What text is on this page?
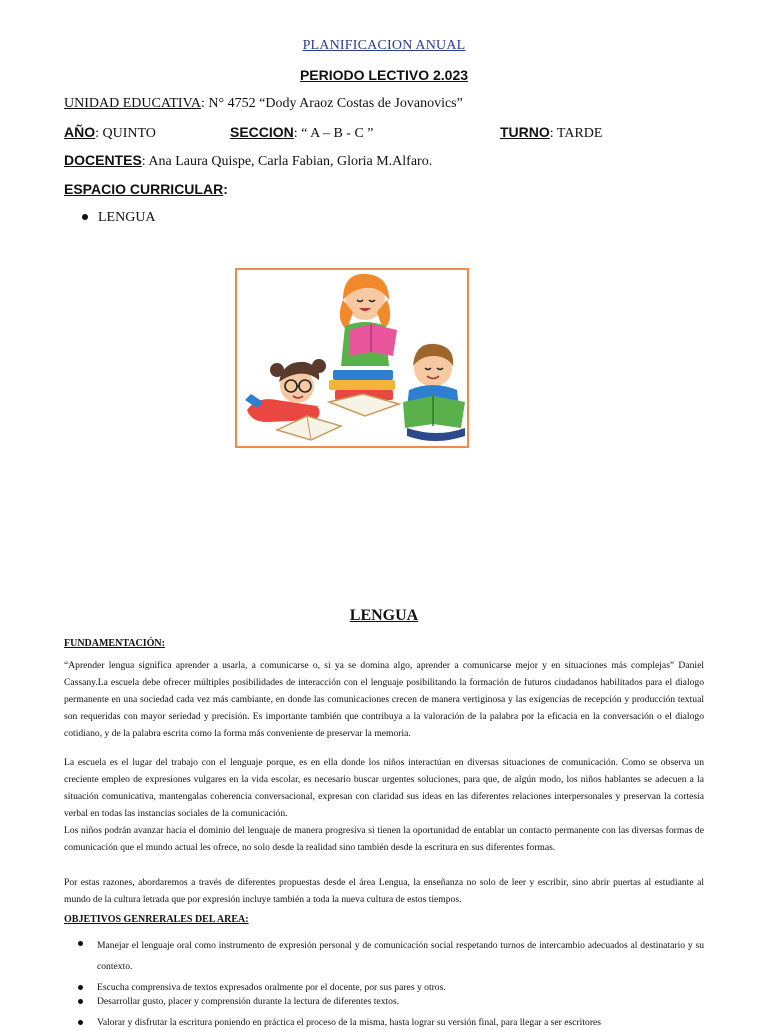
PLANIFICACION ANUAL
PERIODO LECTIVO 2.023
UNIDAD EDUCATIVA: N° 4752 “Dody Araoz Costas de Jovanovics”
AÑO: QUINTO	SECCION: “ A – B - C ”	TURNO: TARDE
DOCENTES: Ana Laura Quispe, Carla Fabian, Gloria M.Alfaro.
ESPACIO CURRICULAR:
LENGUA
LENGUA
FUNDAMENTACIÓN:
“Aprender lengua significa aprender a usarla, a comunicarse o, si ya se domina algo, aprender a comunicarse mejor y en situaciones más complejas” Daniel Cassany.La escuela debe ofrecer múltiples posibilidades de interacción con el lenguaje posibilitando la formación de futuros ciudadanos habilitados para el dialogo permanente en una sociedad cada vez más cambiante, en donde las comunicaciones crecen de manera vertiginosa y las exigencias de recepción y producción textual son requeridas con mayor seriedad y precisión. Es importante también que contribuya a la valoración de la palabra por la eficacia en la conversación o el dialogo cotidiano, y de la palabra escrita como la forma más conveniente de preservar la memoria.
La escuela es el lugar del trabajo con el lenguaje porque, es en ella donde los niños interactúan en diversas situaciones de comunicación. Como se observa un creciente empleo de expresiones vulgares en la vida escolar, es necesario buscar urgentes soluciones, para que, de algún modo, los niños hablantes se adecuen a la situación comunicativa, mantengalas coherencia conversacional, expresan con claridad sus ideas en las diferentes relaciones interpersonales y preservan la cortesía verbal en todas las instancias sociales de la comunicación.
Los niños podrán avanzar hacia el dominio del lenguaje de manera progresiva si tienen la oportunidad de entablar un contacto permanente con las diversas formas de comunicación que el mundo actual les ofrece, no solo desde la realidad sino también desde la escritura en sus diferentes formas.
Por estas razones, abordaremos a través de diferentes propuestas desde el área Lengua, la enseñanza no solo de leer y escribir, sino abrir puertas al estudiante al mundo de la cultura letrada que por expresión incluye también a toda la nueva cultura de estos tiempos.
OBJETIVOS GENRERALES DEL AREA:
Manejar el lenguaje oral como instrumento de expresión personal y de comunicación social respetando turnos de intercambio adecuados al destinatario y su contexto.
Escucha comprensiva de textos expresados oralmente por el docente, por sus pares y otros.
Desarrollar gusto, placer y comprensión durante la lectura de diferentes textos.
Valorar y disfrutar la escritura poniendo en práctica el proceso de la misma, hasta lograr su versión final, para llegar a ser escritores
